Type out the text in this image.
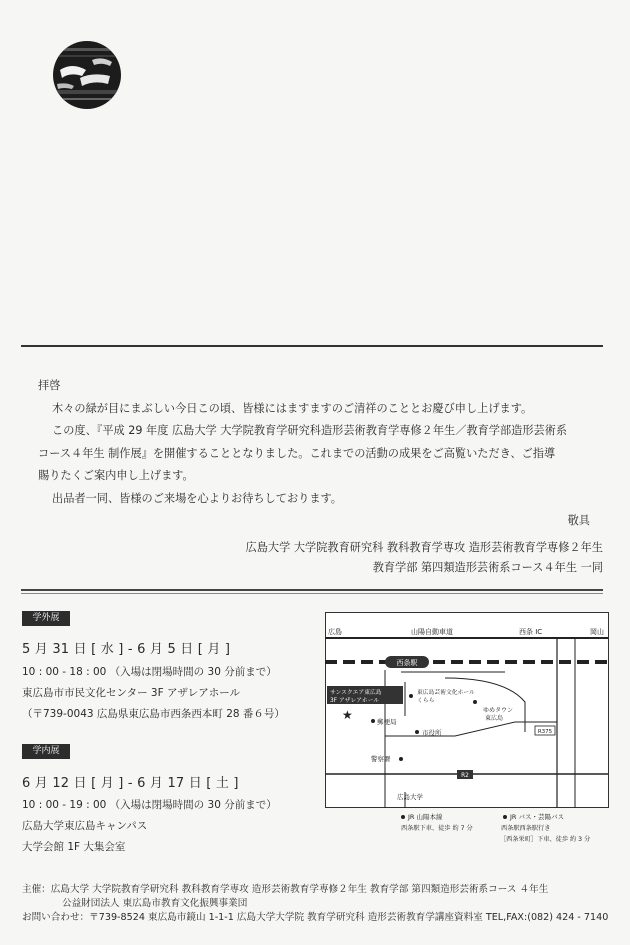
拝啓

木々の緑が目にまぶしい今日この頃、皆様にはますますのご清祥のこととお慶び申し上げます。

この度、『平成 29 年度 広島大学 大学院教育学研究科造形芸術教育学専修２年生／教育学部造形芸術系

コース４年生 制作展』を開催することとなりました。これまでの活動の成果をご高覧いただき、ご指導

賜りたくご案内申し上げます。

出品者一同、皆様のご来場を心よりお待ちしております。

敬具

広島大学 大学院教育研究科 教科教育学専攻 造形芸術教育学専修２年生

教育学部 第四類造形芸術系コース４年生 一同

学外展
5 月 31 日 [ 水 ] - 6 月 5 日 [ 月 ]
10 : 00 - 18 : 00 （入場は閉場時間の 30 分前まで）
東広島市市民文化センター 3F アザレアホール
（〒739-0043 広島県東広島市西条西本町 28 番６号）
学内展
6 月 12 日 [ 月 ] - 6 月 17 日 [ 土 ]
10 : 00 - 19 : 00 （入場は閉場時間の 30 分前まで）
広島大学東広島キャンパス
大学会館 1F 大集会室
広島	山陽自動車道	西条 IC	岡山
西条駅
サンスクエア東広島
3F アザレアホール
★
東広島芸術文化ホール
くらら
郵便局
ゆめタウン
東広島
市役所
警察署
R375
R2
広島大学
JR 山陽本線
西条駅下車、徒歩 約 7 分
JR バス・芸陽バス
西条駅西条駅行き
［西条栄町］下車、徒歩 約 3 分

主催：広島大学 大学院教育学研究科 教科教育学専攻 造形芸術教育学専修２年生 教育学部 第四類造形芸術系コース ４年生

公益財団法人 東広島市教育文化振興事業団

お問い合わせ：〒739-8524 東広島市鏡山 1-1-1 広島大学大学院 教育学研究科 造形芸術教育学講座資料室 TEL,FAX:(082) 424 - 7140
